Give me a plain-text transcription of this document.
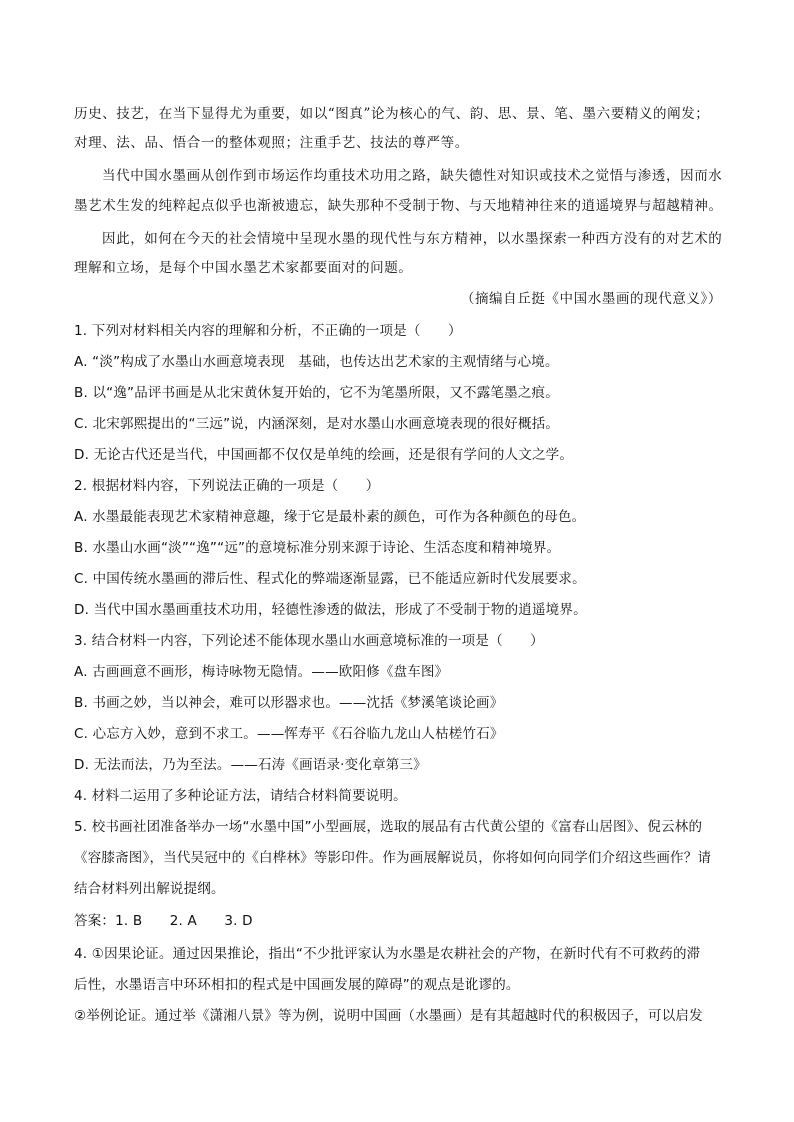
历史、技艺，在当下显得尤为重要，如以“图真”论为核心的气、韵、思、景、笔、墨六要精义的阐发；
对理、法、品、悟合一的整体观照；注重手艺、技法的尊严等。
当代中国水墨画从创作到市场运作均重技术功用之路，缺失德性对知识或技术之觉悟与渗透，因而水
墨艺术生发的纯粹起点似乎也渐被遗忘，缺失那种不受制于物、与天地精神往来的逍遥境界与超越精神。
因此，如何在今天的社会情境中呈现水墨的现代性与东方精神，以水墨探索一种西方没有的对艺术的
理解和立场，是每个中国水墨艺术家都要面对的问题。
（摘编自丘挺《中国水墨画的现代意义》）
1. 下列对材料相关内容的理解和分析，不正确的一项是（　　）
A. “淡”构成了水墨山水画意境表现　基础，也传达出艺术家的主观情绪与心境。
B. 以“逸”品评书画是从北宋黄休复开始的，它不为笔墨所限，又不露笔墨之痕。
C. 北宋郭熙提出的“三远”说，内涵深刻，是对水墨山水画意境表现的很好概括。
D. 无论古代还是当代，中国画都不仅仅是单纯的绘画，还是很有学问的人文之学。
2. 根据材料内容，下列说法正确的一项是（　　）
A. 水墨最能表现艺术家精神意趣，缘于它是最朴素的颜色，可作为各种颜色的母色。
B. 水墨山水画“淡”“逸”“远”的意境标准分别来源于诗论、生活态度和精神境界。
C. 中国传统水墨画的滞后性、程式化的弊端逐渐显露，已不能适应新时代发展要求。
D. 当代中国水墨画重技术功用，轻德性渗透的做法，形成了不受制于物的逍遥境界。
3. 结合材料一内容，下列论述不能体现水墨山水画意境标准的一项是（　　）
A. 古画画意不画形，梅诗咏物无隐情。——欧阳修《盘车图》
B. 书画之妙，当以神会，难可以形器求也。——沈括《梦溪笔谈论画》
C. 心忘方入妙，意到不求工。——恽寿平《石谷临九龙山人枯槎竹石》
D. 无法而法，乃为至法。——石涛《画语录·变化章第三》
4. 材料二运用了多种论证方法，请结合材料简要说明。
5. 校书画社团准备举办一场“水墨中国”小型画展，选取的展品有古代黄公望的《富春山居图》、倪云林的
《容膝斋图》，当代吴冠中的《白桦林》等影印件。作为画展解说员，你将如何向同学们介绍这些画作？请
结合材料列出解说提纲。
答案：1. B　　2. A　　3. D
4. ①因果论证。通过因果推论，指出“不少批评家认为水墨是农耕社会的产物，在新时代有不可救药的滞
后性，水墨语言中环环相扣的程式是中国画发展的障碍”的观点是讹谬的。
②举例论证。通过举《潇湘八景》等为例，说明中国画（水墨画）是有其超越时代的积极因子，可以启发
